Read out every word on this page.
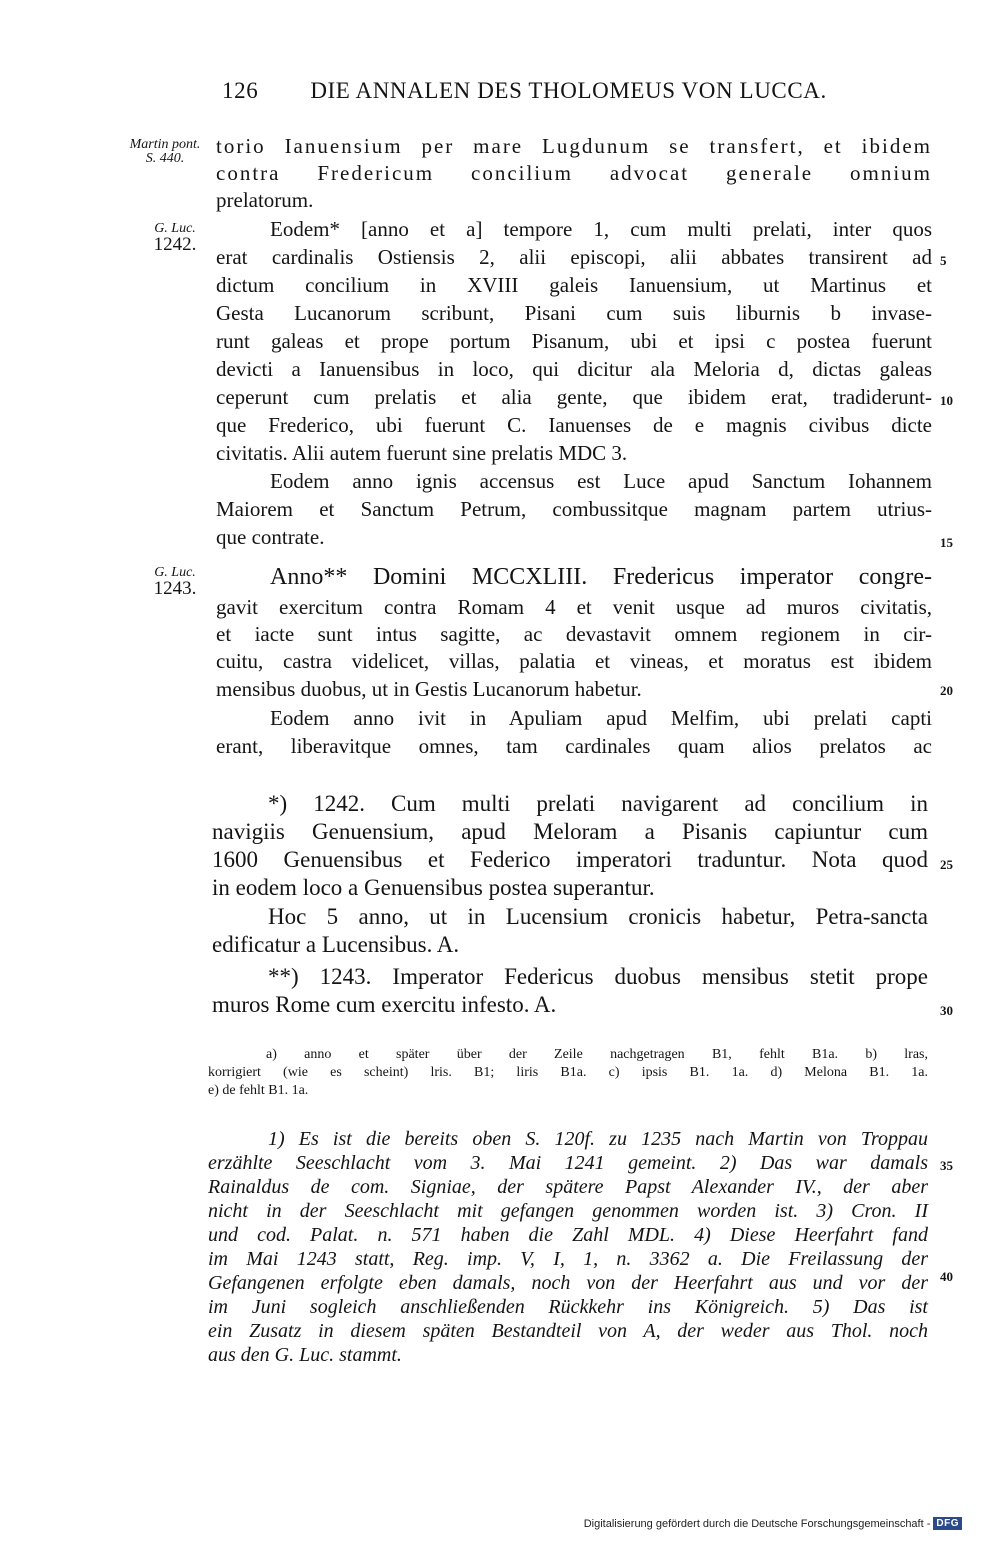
126 DIE ANNALEN DES THOLOMEUS VON LUCCA.
Martin pont.
S. 440.
G. Luc.
1242.
G. Luc.
1243.
torio Ianuensium per mare Lugdunum se transfert, et ibidem
contra Fredericum concilium advocat generale omnium
prelatorum.
Eodem* [anno et a] tempore 1, cum multi prelati, inter quos
erat cardinalis Ostiensis 2, alii episcopi, alii abbates transirent ad
dictum concilium in XVIII galeis Ianuensium, ut Martinus et
Gesta Lucanorum scribunt, Pisani cum suis liburnis b invase-
runt galeas et prope portum Pisanum, ubi et ipsi c postea fuerunt
devicti a Ianuensibus in loco, qui dicitur ala Meloria d, dictas galeas
ceperunt cum prelatis et alia gente, que ibidem erat, tradiderunt-
que Frederico, ubi fuerunt C. Ianuenses de e magnis civibus dicte
civitatis. Alii autem fuerunt sine prelatis MDC 3.
Eodem anno ignis accensus est Luce apud Sanctum Iohannem
Maiorem et Sanctum Petrum, combussitque magnam partem utrius-
que contrate.
Anno** Domini MCCXLIII. Fredericus imperator congre-
gavit exercitum contra Romam 4 et venit usque ad muros civitatis,
et iacte sunt intus sagitte, ac devastavit omnem regionem in cir-
cuitu, castra videlicet, villas, palatia et vineas, et moratus est ibidem
mensibus duobus, ut in Gestis Lucanorum habetur.
Eodem anno ivit in Apuliam apud Melfim, ubi prelati capti
erant, liberavitque omnes, tam cardinales quam alios prelatos ac
5
10
15
20
25
30
35
40
*) 1242. Cum multi prelati navigarent ad concilium in
navigiis Genuensium, apud Meloram a Pisanis capiuntur cum
1600 Genuensibus et Federico imperatori traduntur. Nota quod
in eodem loco a Genuensibus postea superantur.
Hoc 5 anno, ut in Lucensium cronicis habetur, Petra-sancta
edificatur a Lucensibus. A.
**) 1243. Imperator Federicus duobus mensibus stetit prope
muros Rome cum exercitu infesto. A.
a) anno et später über der Zeile nachgetragen B1, fehlt B1a. b) lras,
korrigiert (wie es scheint) lris. B1; liris B1a. c) ipsis B1. 1a. d) Melona B1. 1a.
e) de fehlt B1. 1a.
1) Es ist die bereits oben S. 120f. zu 1235 nach Martin von Troppau
erzählte Seeschlacht vom 3. Mai 1241 gemeint. 2) Das war damals
Rainaldus de com. Signiae, der spätere Papst Alexander IV., der aber
nicht in der Seeschlacht mit gefangen genommen worden ist. 3) Cron. II
und cod. Palat. n. 571 haben die Zahl MDL. 4) Diese Heerfahrt fand
im Mai 1243 statt, Reg. imp. V, I, 1, n. 3362 a. Die Freilassung der
Gefangenen erfolgte eben damals, noch von der Heerfahrt aus und vor der
im Juni sogleich anschließenden Rückkehr ins Königreich. 5) Das ist
ein Zusatz in diesem späten Bestandteil von A, der weder aus Thol. noch
aus den G. Luc. stammt.
Digitalisierung gefördert durch die Deutsche Forschungsgemeinschaft - DFG
